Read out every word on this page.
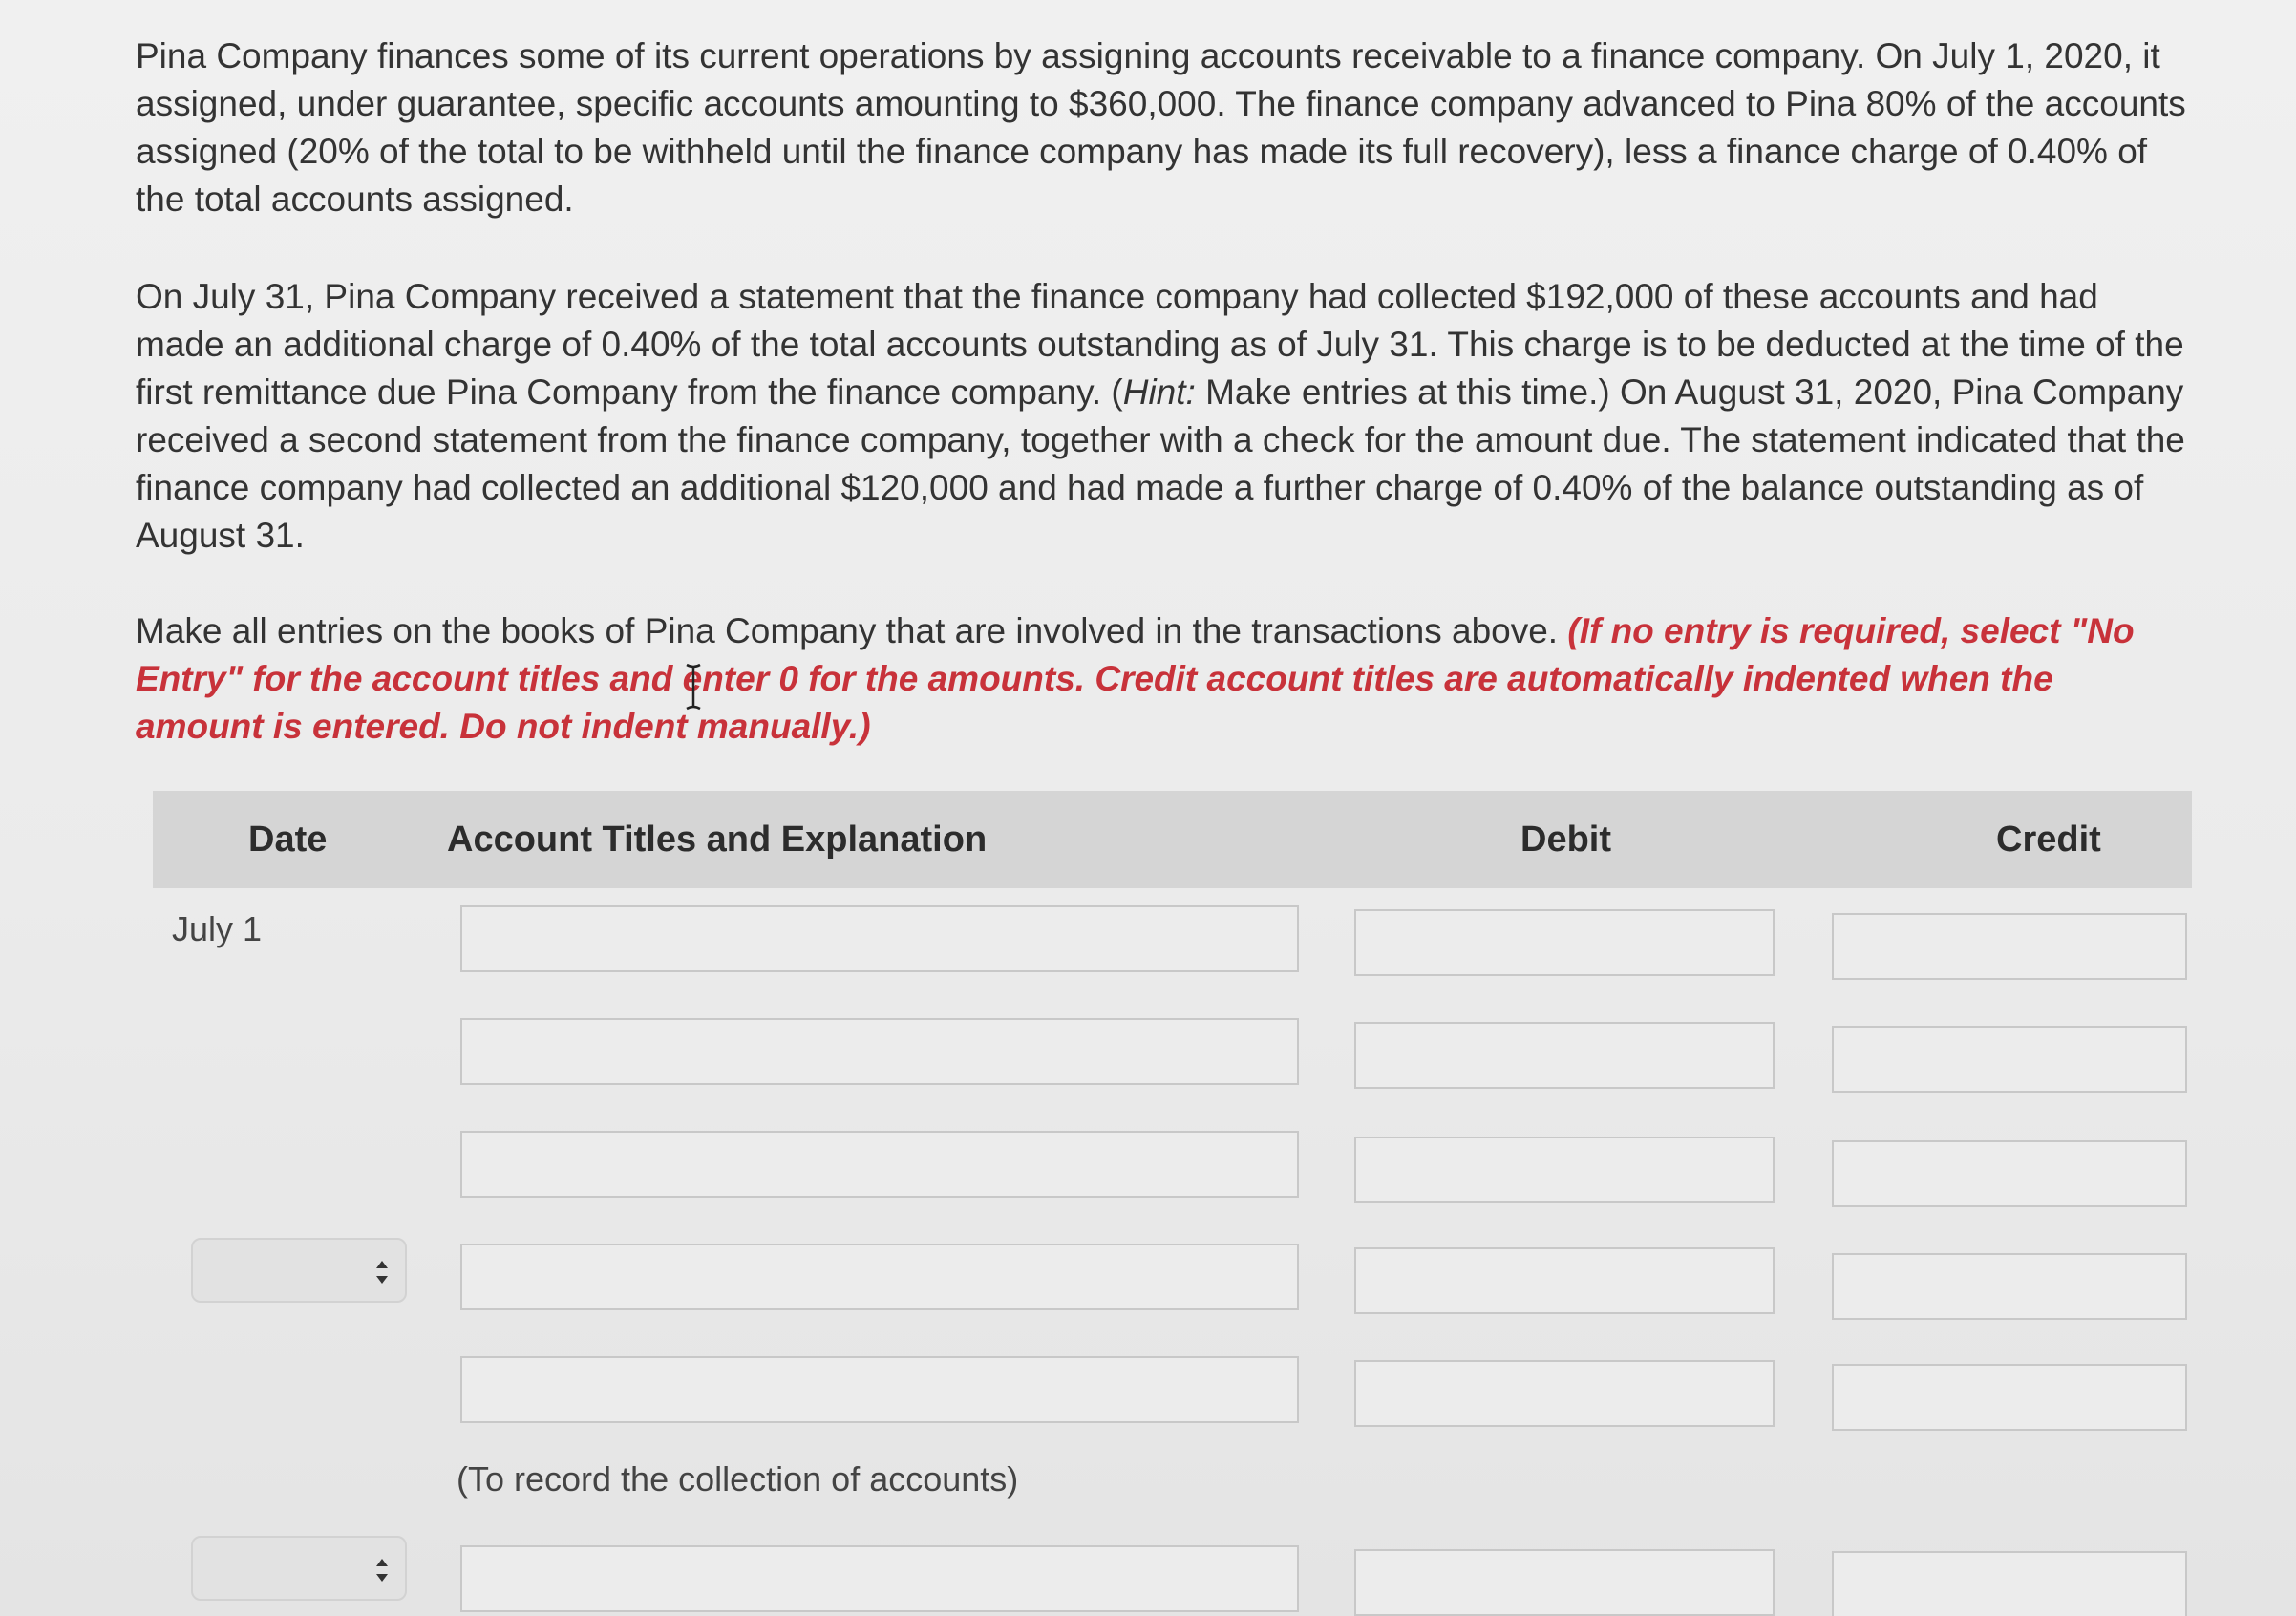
Pina Company finances some of its current operations by assigning accounts receivable to a finance company. On July 1, 2020, it assigned, under guarantee, specific accounts amounting to $360,000. The finance company advanced to Pina 80% of the accounts assigned (20% of the total to be withheld until the finance company has made its full recovery), less a finance charge of 0.40% of the total accounts assigned.

On July 31, Pina Company received a statement that the finance company had collected $192,000 of these accounts and had made an additional charge of 0.40% of the total accounts outstanding as of July 31. This charge is to be deducted at the time of the first remittance due Pina Company from the finance company. (Hint: Make entries at this time.) On August 31, 2020, Pina Company received a second statement from the finance company, together with a check for the amount due. The statement indicated that the finance company had collected an additional $120,000 and had made a further charge of 0.40% of the balance outstanding as of August 31.

Make all entries on the books of Pina Company that are involved in the transactions above. (If no entry is required, select "No Entry" for the account titles and enter 0 for the amounts. Credit account titles are automatically indented when the amount is entered. Do not indent manually.)

Date	Account Titles and Explanation	Debit	Credit
July 1
(To record the collection of accounts)
